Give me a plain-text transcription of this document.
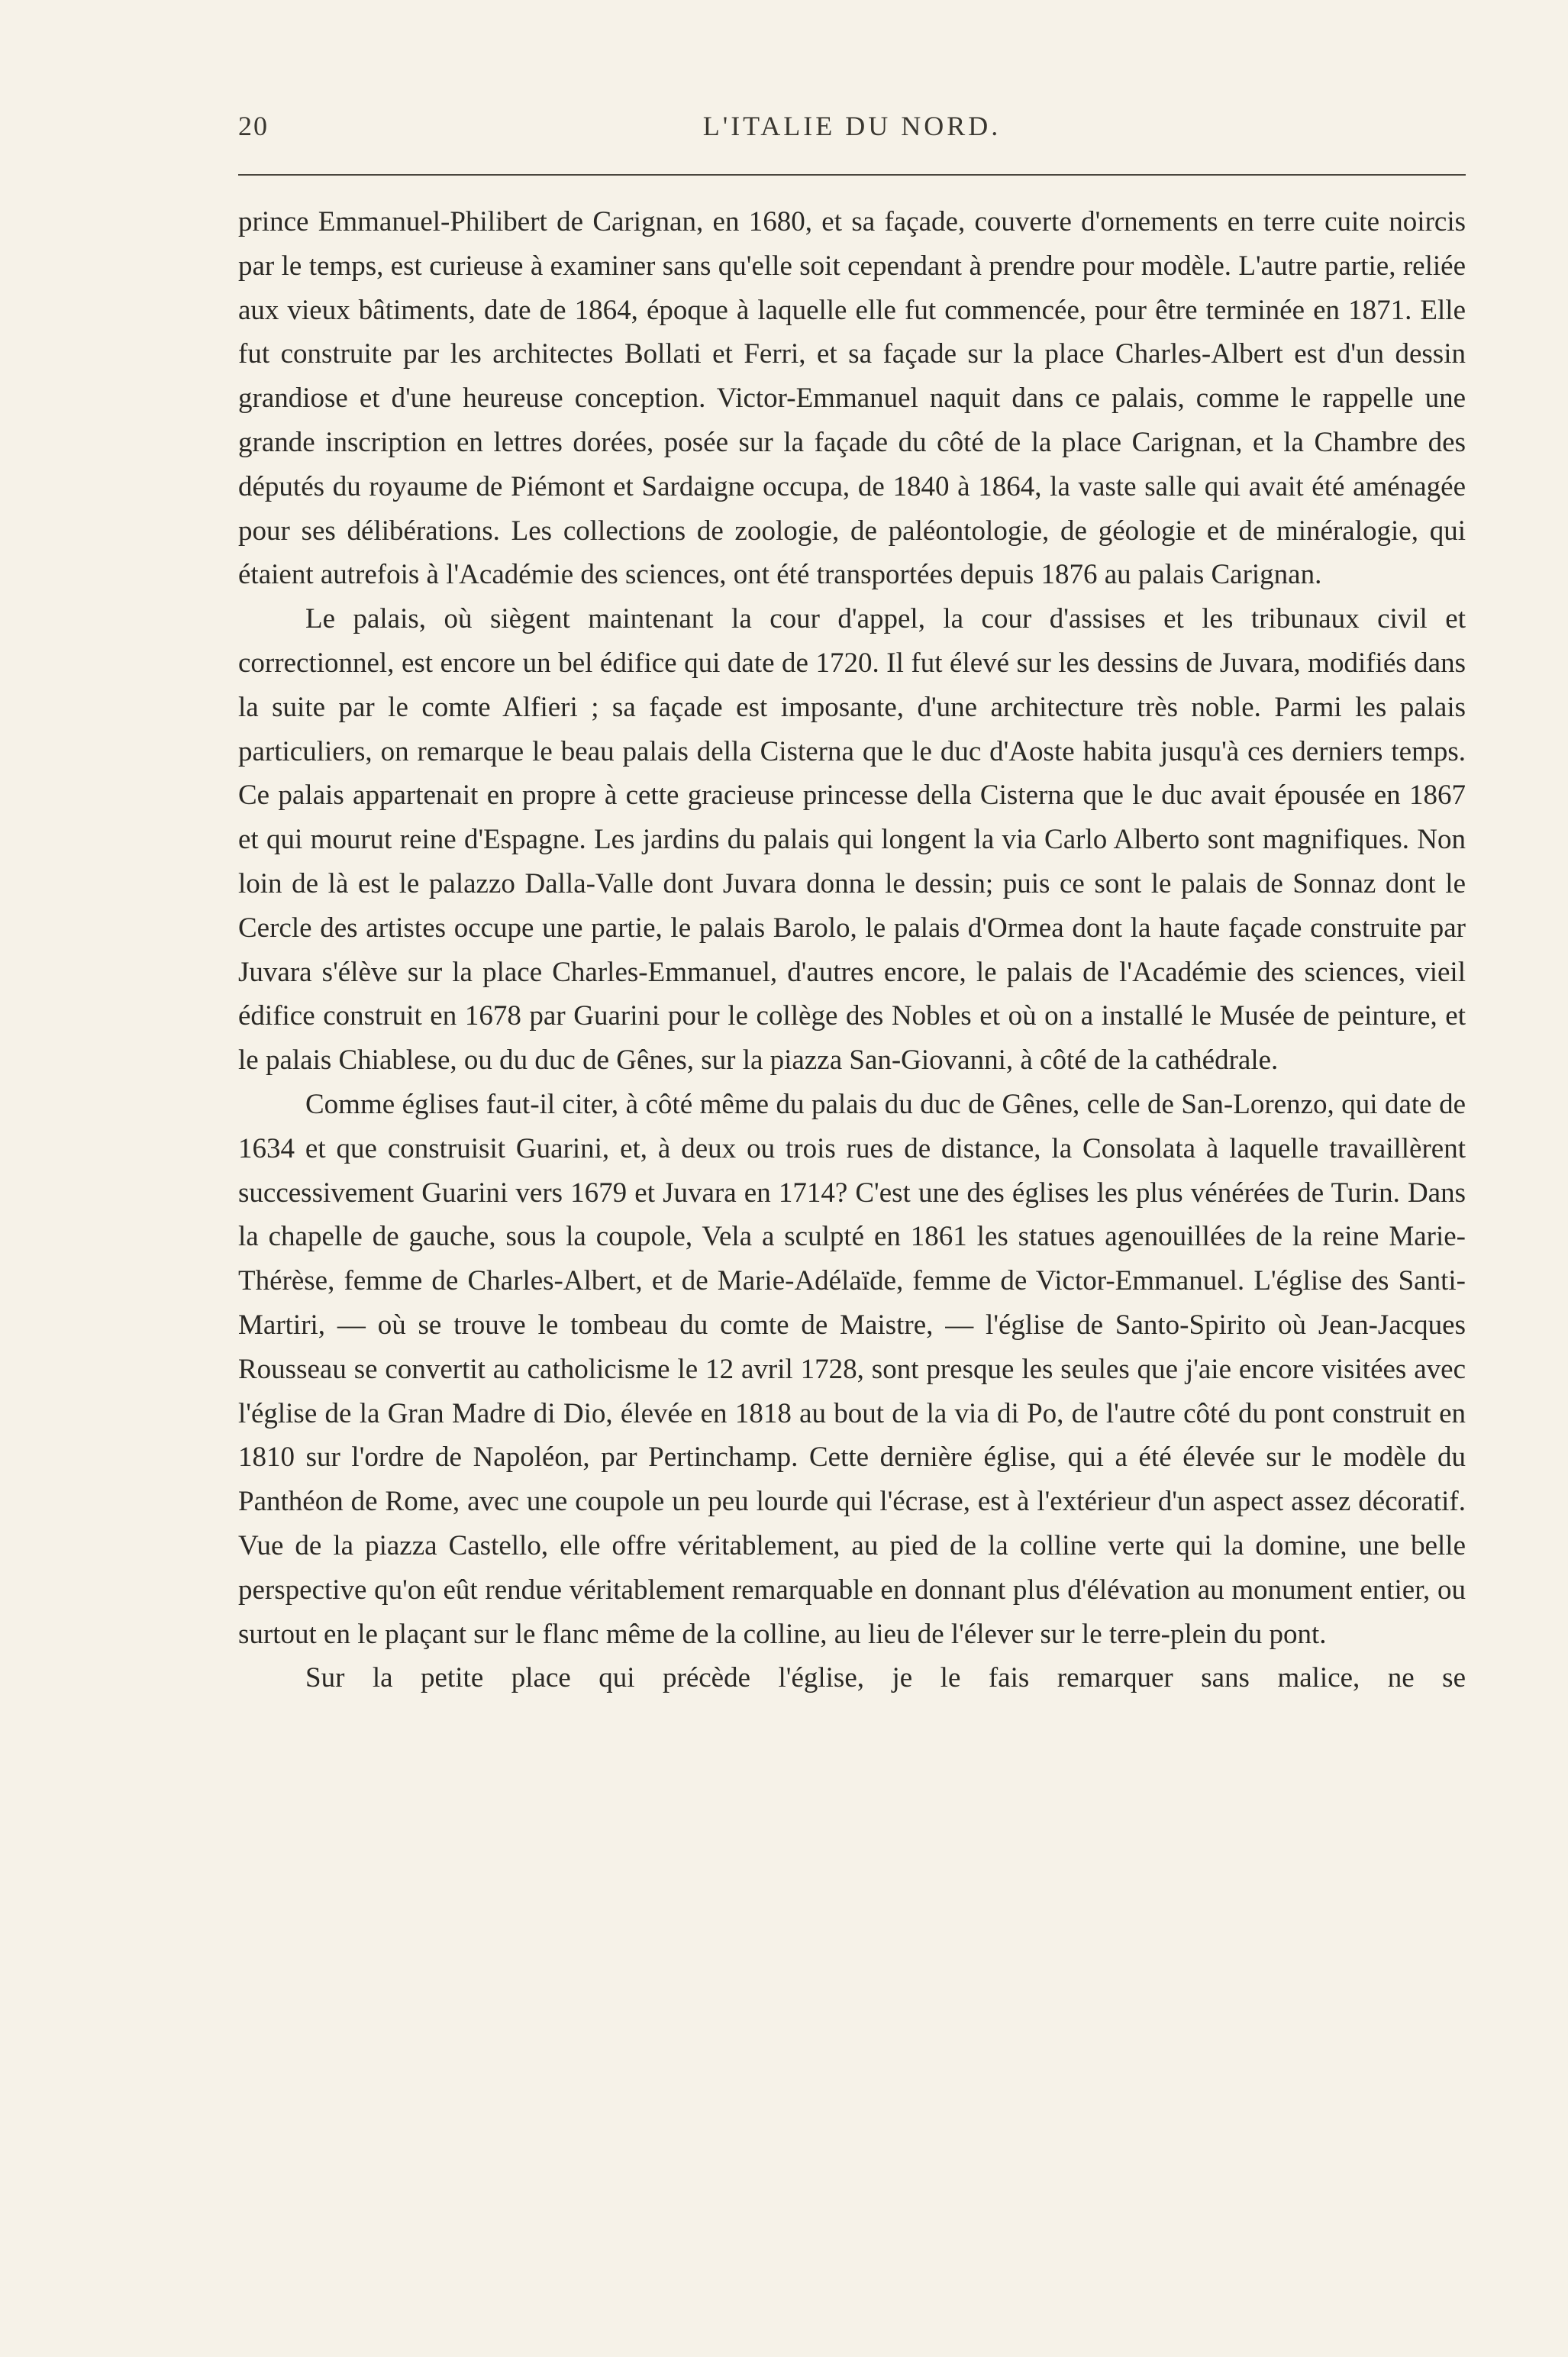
20	L'ITALIE DU NORD.

prince Emmanuel-Philibert de Carignan, en 1680, et sa façade, couverte d'ornements en terre cuite noircis par le temps, est curieuse à examiner sans qu'elle soit cependant à prendre pour modèle. L'autre partie, reliée aux vieux bâtiments, date de 1864, époque à laquelle elle fut commencée, pour être terminée en 1871. Elle fut construite par les architectes Bollati et Ferri, et sa façade sur la place Charles-Albert est d'un dessin grandiose et d'une heureuse conception. Victor-Emmanuel naquit dans ce palais, comme le rappelle une grande inscription en lettres dorées, posée sur la façade du côté de la place Carignan, et la Chambre des députés du royaume de Piémont et Sardaigne occupa, de 1840 à 1864, la vaste salle qui avait été aménagée pour ses délibérations. Les collections de zoologie, de paléontologie, de géologie et de minéralogie, qui étaient autrefois à l'Académie des sciences, ont été transportées depuis 1876 au palais Carignan.

Le palais, où siègent maintenant la cour d'appel, la cour d'assises et les tribunaux civil et correctionnel, est encore un bel édifice qui date de 1720. Il fut élevé sur les dessins de Juvara, modifiés dans la suite par le comte Alfieri ; sa façade est imposante, d'une architecture très noble. Parmi les palais particuliers, on remarque le beau palais della Cisterna que le duc d'Aoste habita jusqu'à ces derniers temps. Ce palais appartenait en propre à cette gracieuse princesse della Cisterna que le duc avait épousée en 1867 et qui mourut reine d'Espagne. Les jardins du palais qui longent la via Carlo Alberto sont magnifiques. Non loin de là est le palazzo Dalla-Valle dont Juvara donna le dessin; puis ce sont le palais de Sonnaz dont le Cercle des artistes occupe une partie, le palais Barolo, le palais d'Ormea dont la haute façade construite par Juvara s'élève sur la place Charles-Emmanuel, d'autres encore, le palais de l'Académie des sciences, vieil édifice construit en 1678 par Guarini pour le collège des Nobles et où on a installé le Musée de peinture, et le palais Chiablese, ou du duc de Gênes, sur la piazza San-Giovanni, à côté de la cathédrale.

Comme églises faut-il citer, à côté même du palais du duc de Gênes, celle de San-Lorenzo, qui date de 1634 et que construisit Guarini, et, à deux ou trois rues de distance, la Consolata à laquelle travaillèrent successivement Guarini vers 1679 et Juvara en 1714? C'est une des églises les plus vénérées de Turin. Dans la chapelle de gauche, sous la coupole, Vela a sculpté en 1861 les statues agenouillées de la reine Marie-Thérèse, femme de Charles-Albert, et de Marie-Adélaïde, femme de Victor-Emmanuel. L'église des Santi-Martiri, — où se trouve le tombeau du comte de Maistre, — l'église de Santo-Spirito où Jean-Jacques Rousseau se convertit au catholicisme le 12 avril 1728, sont presque les seules que j'aie encore visitées avec l'église de la Gran Madre di Dio, élevée en 1818 au bout de la via di Po, de l'autre côté du pont construit en 1810 sur l'ordre de Napoléon, par Pertinchamp. Cette dernière église, qui a été élevée sur le modèle du Panthéon de Rome, avec une coupole un peu lourde qui l'écrase, est à l'extérieur d'un aspect assez décoratif. Vue de la piazza Castello, elle offre véritablement, au pied de la colline verte qui la domine, une belle perspective qu'on eût rendue véritablement remarquable en donnant plus d'élévation au monument entier, ou surtout en le plaçant sur le flanc même de la colline, au lieu de l'élever sur le terre-plein du pont.

Sur la petite place qui précède l'église, je le fais remarquer sans malice, ne se
